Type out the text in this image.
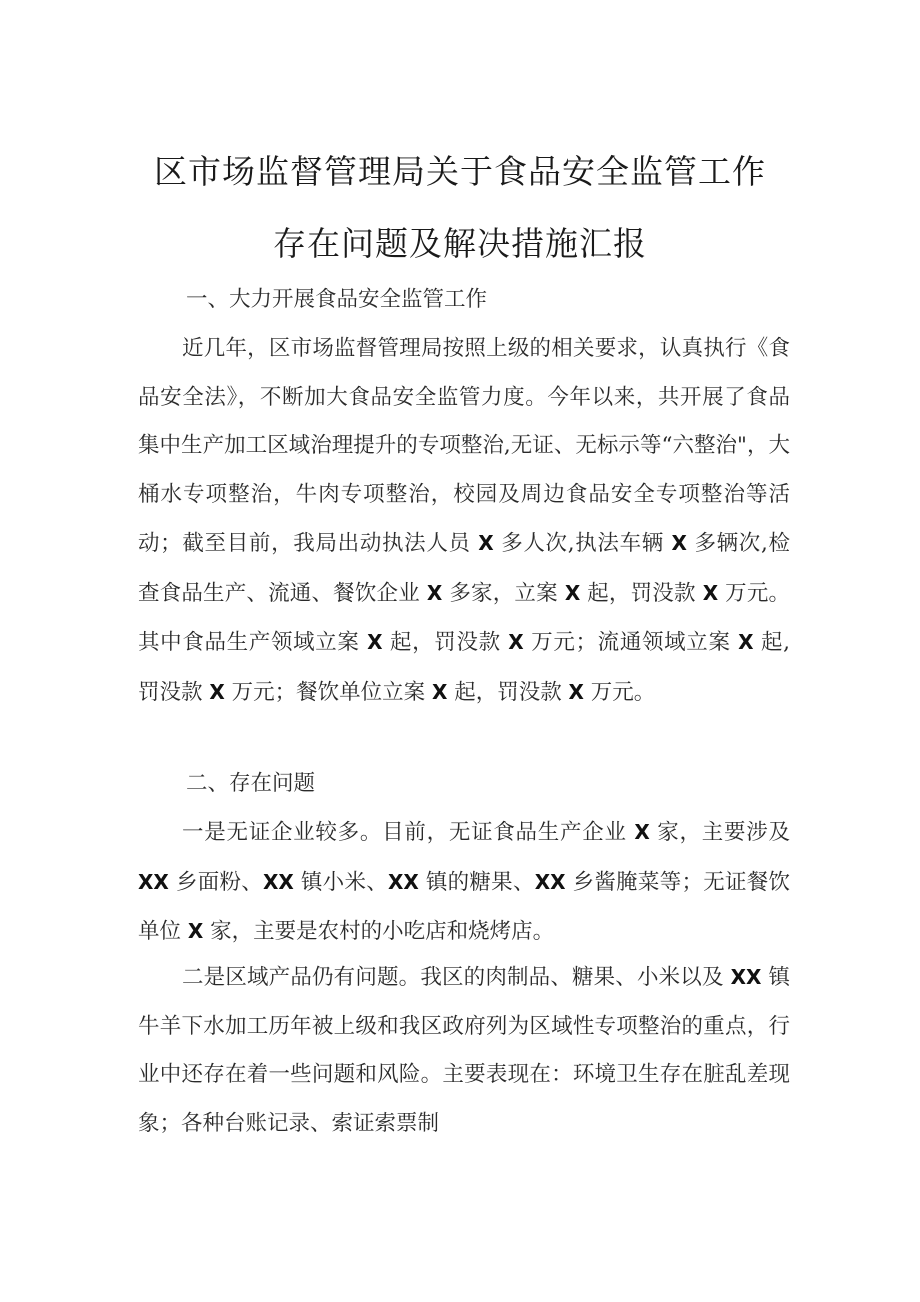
区市场监督管理局关于食品安全监管工作
存在问题及解决措施汇报

一、大力开展食品安全监管工作

近几年，区市场监督管理局按照上级的相关要求，认真执行《食品安全法》，不断加大食品安全监管力度。今年以来，共开展了食品集中生产加工区域治理提升的专项整治,无证、无标示等“六整治"，大桶水专项整治，牛肉专项整治，校园及周边食品安全专项整治等活动；截至目前，我局出动执法人员 X 多人次,执法车辆 X 多辆次,检查食品生产、流通、餐饮企业 X 多家，立案 X 起，罚没款 X 万元。其中食品生产领域立案 X 起，罚没款 X 万元；流通领域立案 X 起,罚没款 X 万元；餐饮单位立案 X 起，罚没款 X 万元。

二、存在问题

一是无证企业较多。目前，无证食品生产企业 X 家，主要涉及 XX 乡面粉、XX 镇小米、XX 镇的糖果、XX 乡酱腌菜等；无证餐饮单位 X 家，主要是农村的小吃店和烧烤店。

二是区域产品仍有问题。我区的肉制品、糖果、小米以及 XX 镇牛羊下水加工历年被上级和我区政府列为区域性专项整治的重点，行业中还存在着一些问题和风险。主要表现在：环境卫生存在脏乱差现象；各种台账记录、索证索票制
